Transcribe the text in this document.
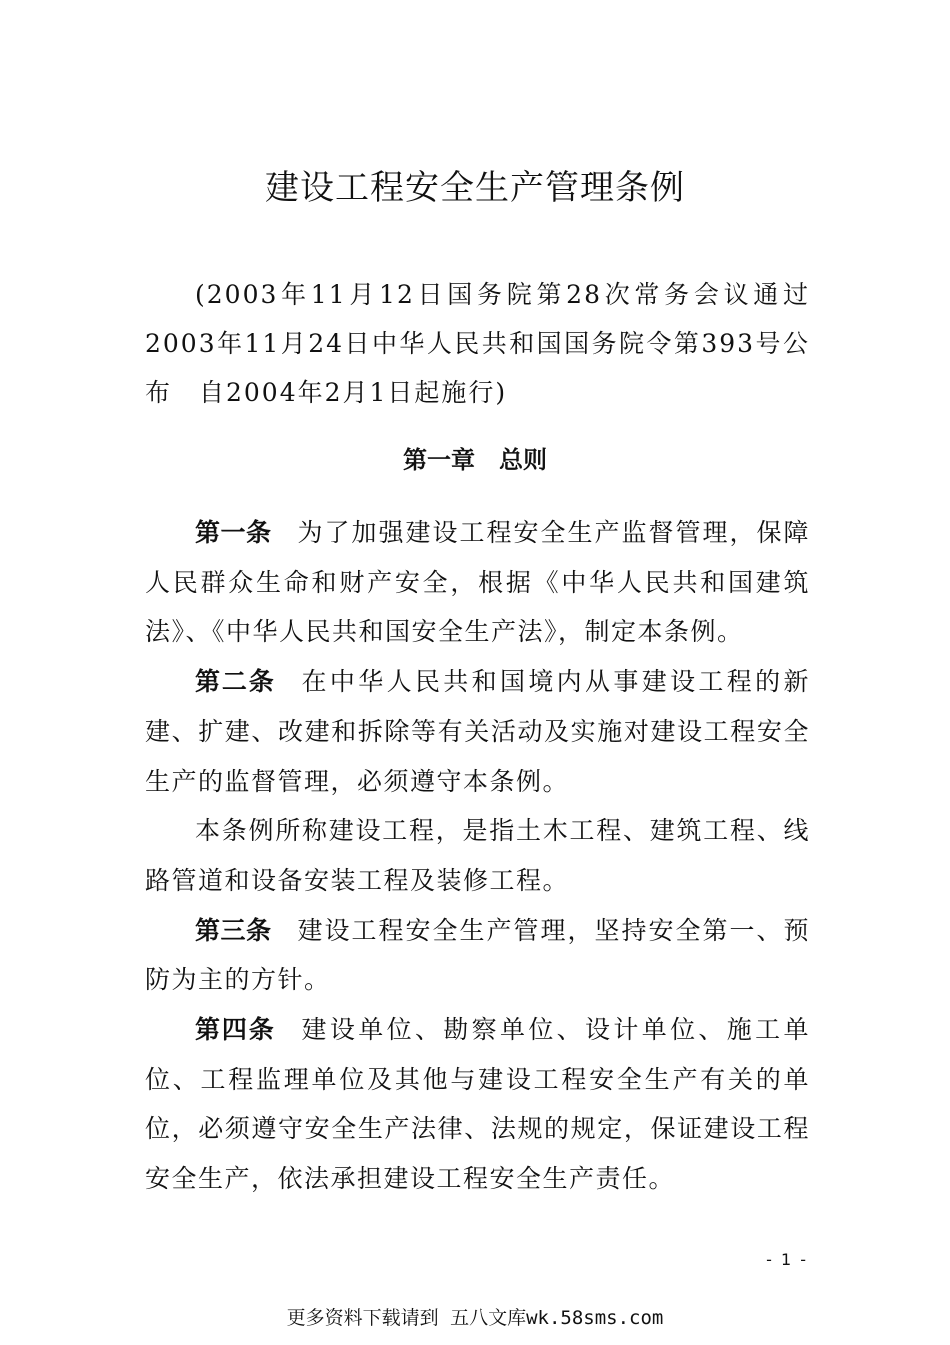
建设工程安全生产管理条例
(2003年11月12日国务院第28次常务会议通过　2003年11月24日中华人民共和国国务院令第393号公布　自2004年2月1日起施行)
第一章　总则

第一条 为了加强建设工程安全生产监督管理，保障人民群众生命和财产安全，根据《中华人民共和国建筑法》、《中华人民共和国安全生产法》，制定本条例。

第二条 在中华人民共和国境内从事建设工程的新建、扩建、改建和拆除等有关活动及实施对建设工程安全生产的监督管理，必须遵守本条例。

本条例所称建设工程，是指土木工程、建筑工程、线路管道和设备安装工程及装修工程。

第三条 建设工程安全生产管理，坚持安全第一、预防为主的方针。

第四条 建设单位、勘察单位、设计单位、施工单位、工程监理单位及其他与建设工程安全生产有关的单位，必须遵守安全生产法律、法规的规定，保证建设工程安全生产，依法承担建设工程安全生产责任。

- 1 -
更多资料下载请到 五八文库wk.58sms.com
